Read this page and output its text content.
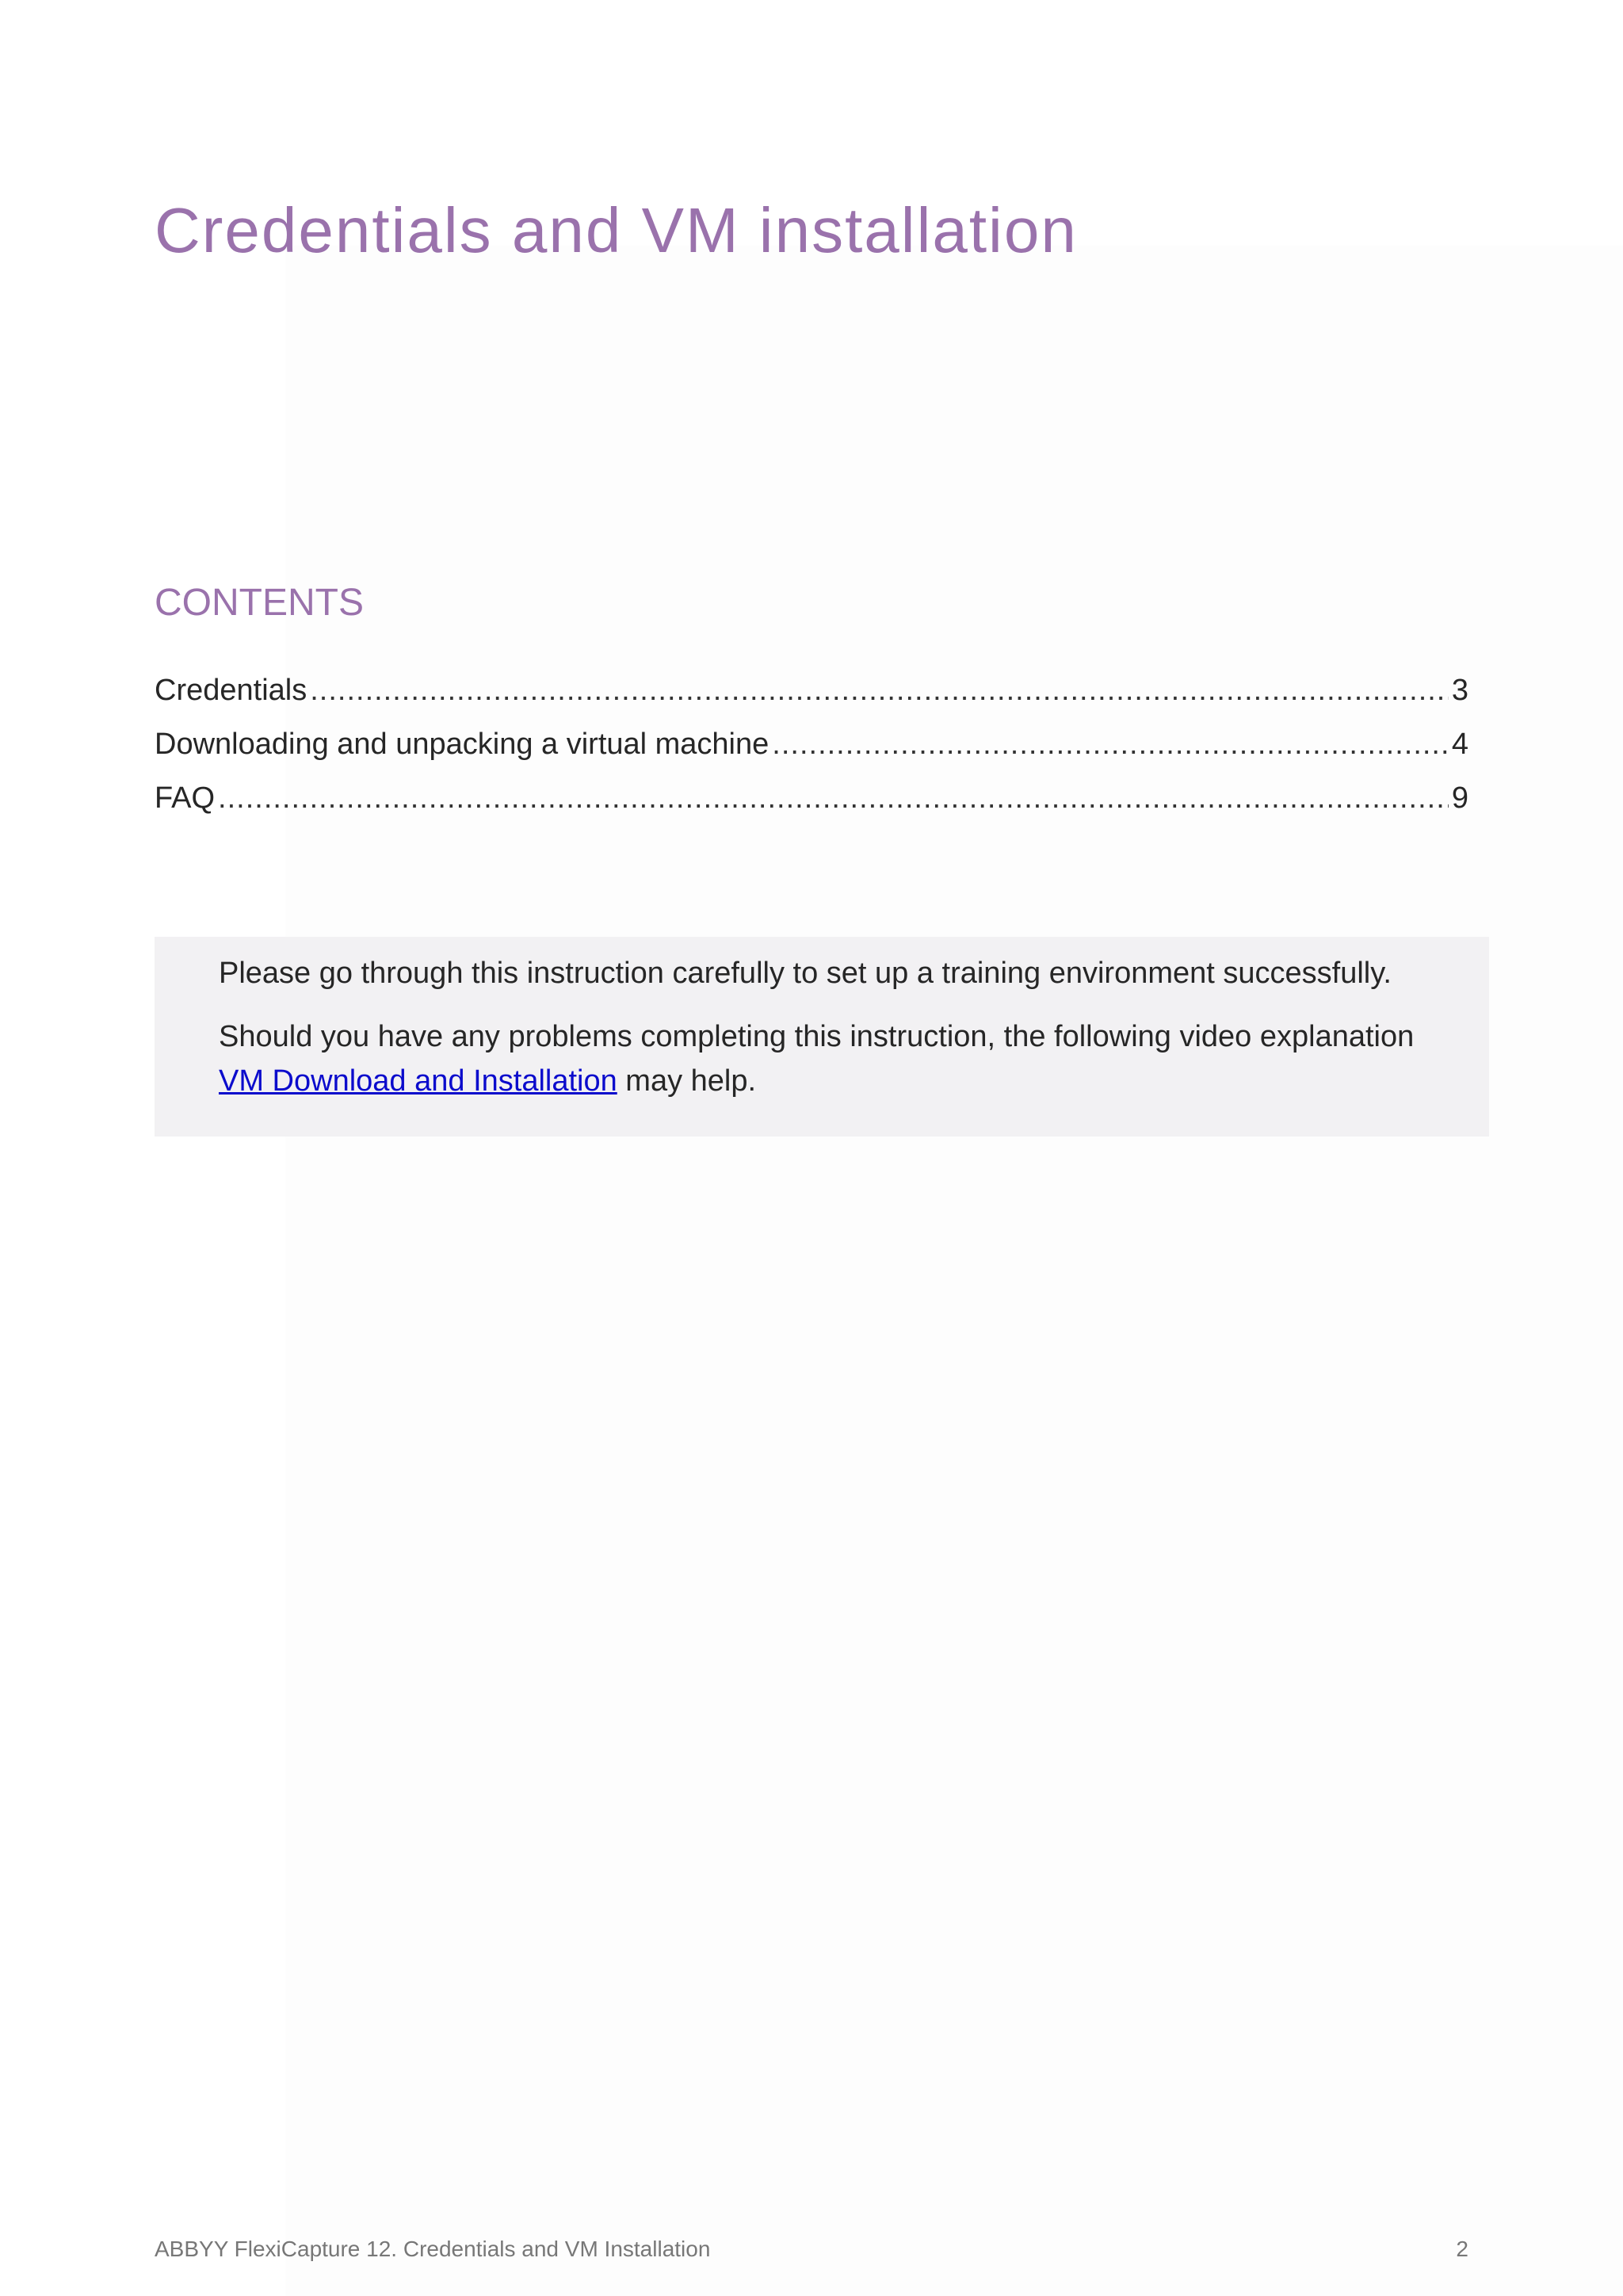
Credentials and VM installation
CONTENTS
Credentials .....	3
Downloading and unpacking a virtual machine .....	4
FAQ .....	9

Please go through this instruction carefully to set up a training environment successfully.

Should you have any problems completing this instruction, the following video explanation
VM Download and Installation may help.

ABBYY FlexiCapture 12. Credentials and VM Installation	2
